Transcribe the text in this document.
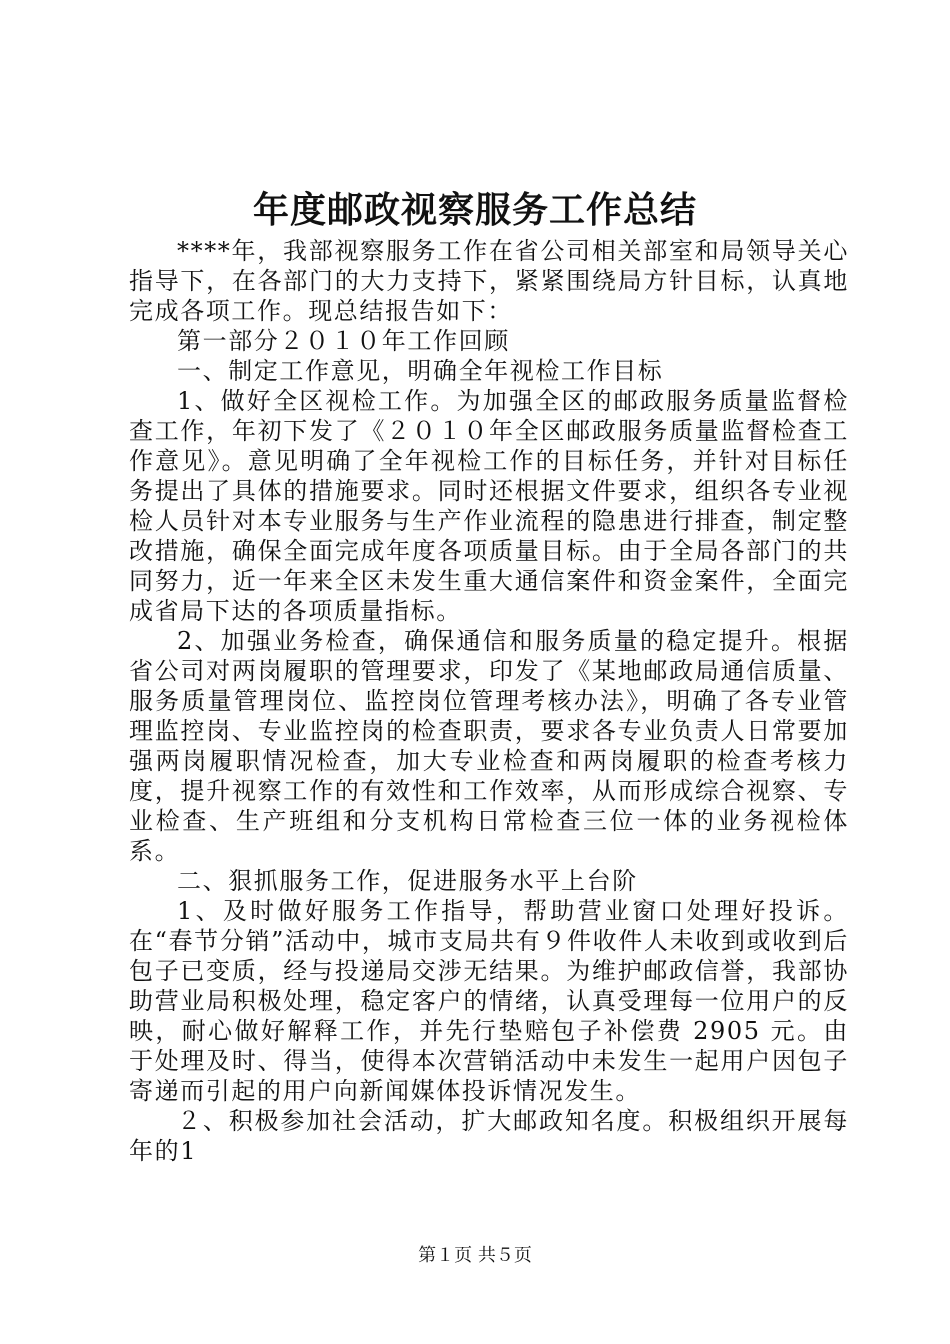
年度邮政视察服务工作总结

****年，我部视察服务工作在省公司相关部室和局领导关心指导下，在各部门的大力支持下，紧紧围绕局方针目标，认真地完成各项工作。现总结报告如下：

第一部分２０１０年工作回顾

一、制定工作意见，明确全年视检工作目标

1、做好全区视检工作。为加强全区的邮政服务质量监督检查工作，年初下发了《２０１０年全区邮政服务质量监督检查工作意见》。意见明确了全年视检工作的目标任务，并针对目标任务提出了具体的措施要求。同时还根据文件要求，组织各专业视检人员针对本专业服务与生产作业流程的隐患进行排查，制定整改措施，确保全面完成年度各项质量目标。由于全局各部门的共同努力，近一年来全区未发生重大通信案件和资金案件，全面完成省局下达的各项质量指标。

2、加强业务检查，确保通信和服务质量的稳定提升。根据省公司对两岗履职的管理要求，印发了《某地邮政局通信质量、服务质量管理岗位、监控岗位管理考核办法》，明确了各专业管理监控岗、专业监控岗的检查职责，要求各专业负责人日常要加强两岗履职情况检查，加大专业检查和两岗履职的检查考核力度，提升视察工作的有效性和工作效率，从而形成综合视察、专业检查、生产班组和分支机构日常检查三位一体的业务视检体系。

二、狠抓服务工作，促进服务水平上台阶

1、及时做好服务工作指导，帮助营业窗口处理好投诉。在“春节分销”活动中，城市支局共有９件收件人未收到或收到后包子已变质，经与投递局交涉无结果。为维护邮政信誉，我部协助营业局积极处理，稳定客户的情绪，认真受理每一位用户的反映，耐心做好解释工作，并先行垫赔包子补偿费 2905 元。由于处理及时、得当，使得本次营销活动中未发生一起用户因包子寄递而引起的用户向新闻媒体投诉情况发生。

２、积极参加社会活动，扩大邮政知名度。积极组织开展每年的1

第１页 共５页
